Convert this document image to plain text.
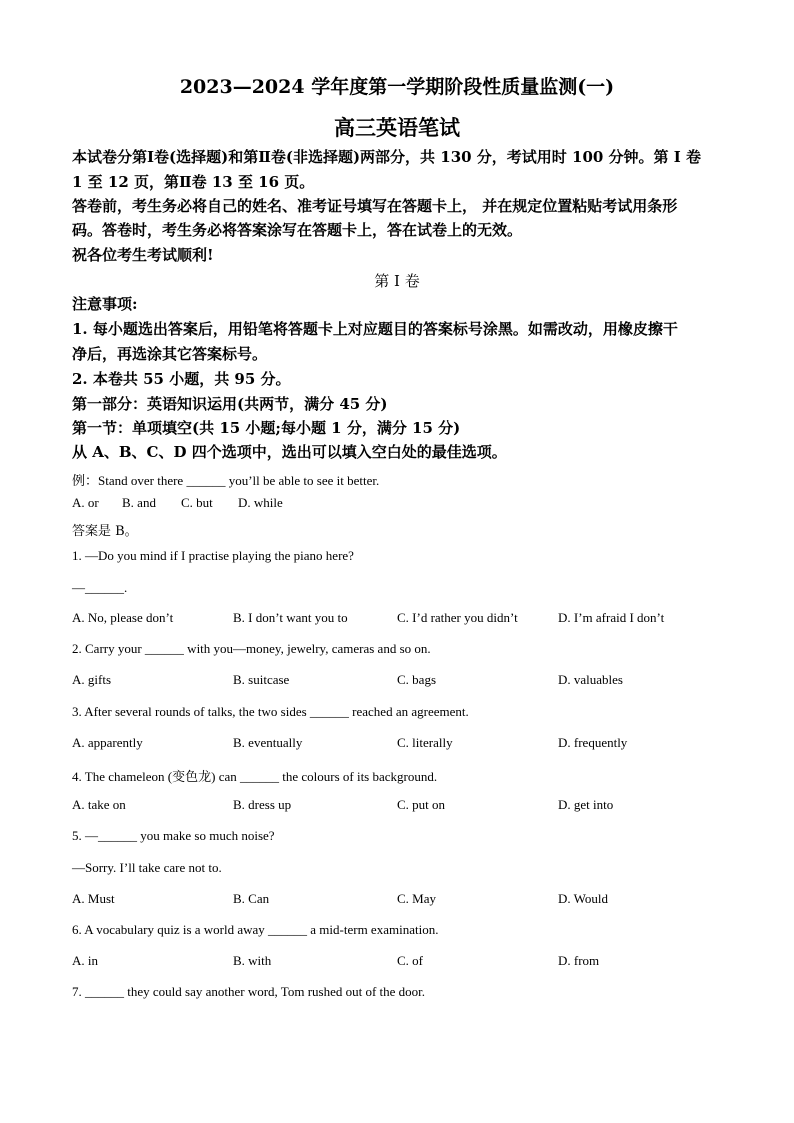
2023—2024 学年度第一学期阶段性质量监测(一)
高三英语笔试
本试卷分第Ⅰ卷(选择题)和第Ⅱ卷(非选择题)两部分，共 130 分，考试用时 100 分钟。第 I 卷
1 至 12 页，第Ⅱ卷 13 至 16 页。
答卷前，考生务必将自己的姓名、准考证号填写在答题卡上， 并在规定位置粘贴考试用条形
码。答卷时，考生务必将答案涂写在答题卡上，答在试卷上的无效。
祝各位考生考试顺利!
第 I 卷
注意事项:
1. 每小题选出答案后，用铅笔将答题卡上对应题目的答案标号涂黑。如需改动，用橡皮擦干
净后，再选涂其它答案标号。
2. 本卷共 55 小题，共 95 分。
第一部分：英语知识运用(共两节，满分 45 分)
第一节：单项填空(共 15 小题;每小题 1 分，满分 15 分)
从 A、B、C、D 四个选项中，选出可以填入空白处的最佳选项。
例：Stand over there ______ you’ll be able to see it better.
A. or B. and C. but D. while
答案是 B。
1. —Do you mind if I practise playing the piano here?
—______.
A. No, please don’t	B. I don’t want you to	C. I’d rather you didn’t	D. I’m afraid I don’t
2. Carry your ______ with you—money, jewelry, cameras and so on.
A. gifts	B. suitcase	C. bags	D. valuables
3. After several rounds of talks, the two sides ______ reached an agreement.
A. apparently	B. eventually	C. literally	D. frequently
4. The chameleon (变色龙) can ______ the colours of its background.
A. take on	B. dress up	C. put on	D. get into
5. —______ you make so much noise?
—Sorry. I’ll take care not to.
A. Must	B. Can	C. May	D. Would
6. A vocabulary quiz is a world away ______ a mid-term examination.
A. in	B. with	C. of	D. from
7. ______ they could say another word, Tom rushed out of the door.
